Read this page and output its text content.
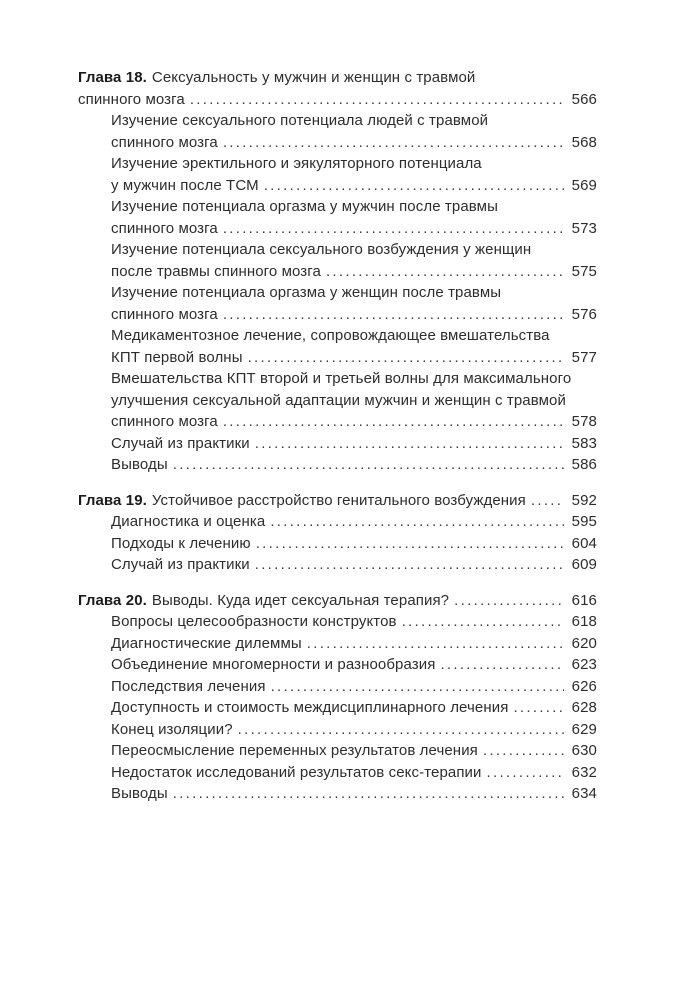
Глава 18. Сексуальность у мужчин и женщин с травмой
спинного мозга .....	566
Изучение сексуального потенциала людей с травмой
спинного мозга .....	568
Изучение эректильного и эякуляторного потенциала
у мужчин после ТСМ .....	569
Изучение потенциала оргазма у мужчин после травмы
спинного мозга .....	573
Изучение потенциала сексуального возбуждения у женщин
после травмы спинного мозга .....	575
Изучение потенциала оргазма у женщин после травмы
спинного мозга .....	576
Медикаментозное лечение, сопровождающее вмешательства
КПТ первой волны .....	577
Вмешательства КПТ второй и третьей волны для максимального
улучшения сексуальной адаптации мужчин и женщин с травмой
спинного мозга .....	578
Случай из практики .....	583
Выводы .....	586
Глава 19. Устойчивое расстройство генитального возбуждения .....	592
Диагностика и оценка .....	595
Подходы к лечению .....	604
Случай из практики .....	609
Глава 20. Выводы. Куда идет сексуальная терапия? .....	616
Вопросы целесообразности конструктов .....	618
Диагностические дилеммы .....	620
Объединение многомерности и разнообразия .....	623
Последствия лечения .....	626
Доступность и стоимость междисциплинарного лечения .....	628
Конец изоляции? .....	629
Переосмысление переменных результатов лечения .....	630
Недостаток исследований результатов секс-терапии .....	632
Выводы .....	634
